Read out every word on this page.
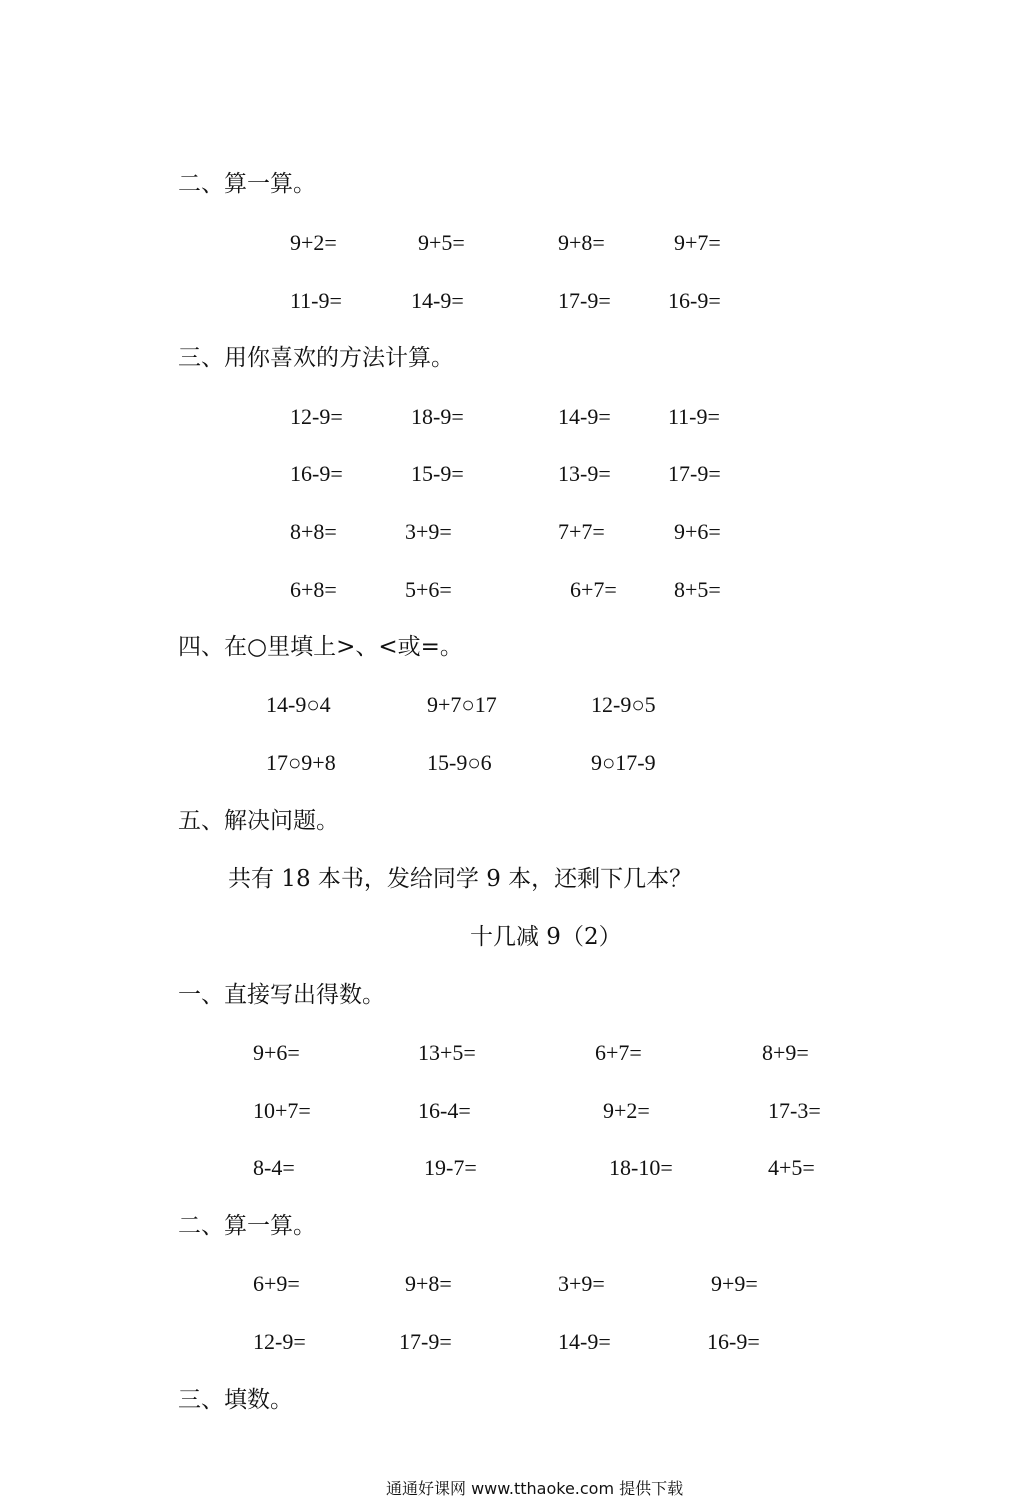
二、算一算。
9+2=	9+5=	9+8=	9+7=
11-9=	14-9=	17-9=	16-9=
三、用你喜欢的方法计算。
12-9=	18-9=	14-9=	11-9=
16-9=	15-9=	13-9=	17-9=
8+8=	3+9=	7+7=	9+6=
6+8=	5+6=	6+7=	8+5=
四、在○里填上>、<或=。
14-9○4	9+7○17	12-9○5
17○9+8	15-9○6	9○17-9
五、解决问题。
共有 18 本书，发给同学 9 本，还剩下几本？
十几减 9（2）
一、直接写出得数。
9+6=	13+5=	6+7=	8+9=
10+7=	16-4=	9+2=	17-3=
8-4=	19-7=	18-10=	4+5=
二、算一算。
6+9=	9+8=	3+9=	9+9=
12-9=	17-9=	14-9=	16-9=
三、填数。
通通好课网 www.tthaoke.com 提供下载
